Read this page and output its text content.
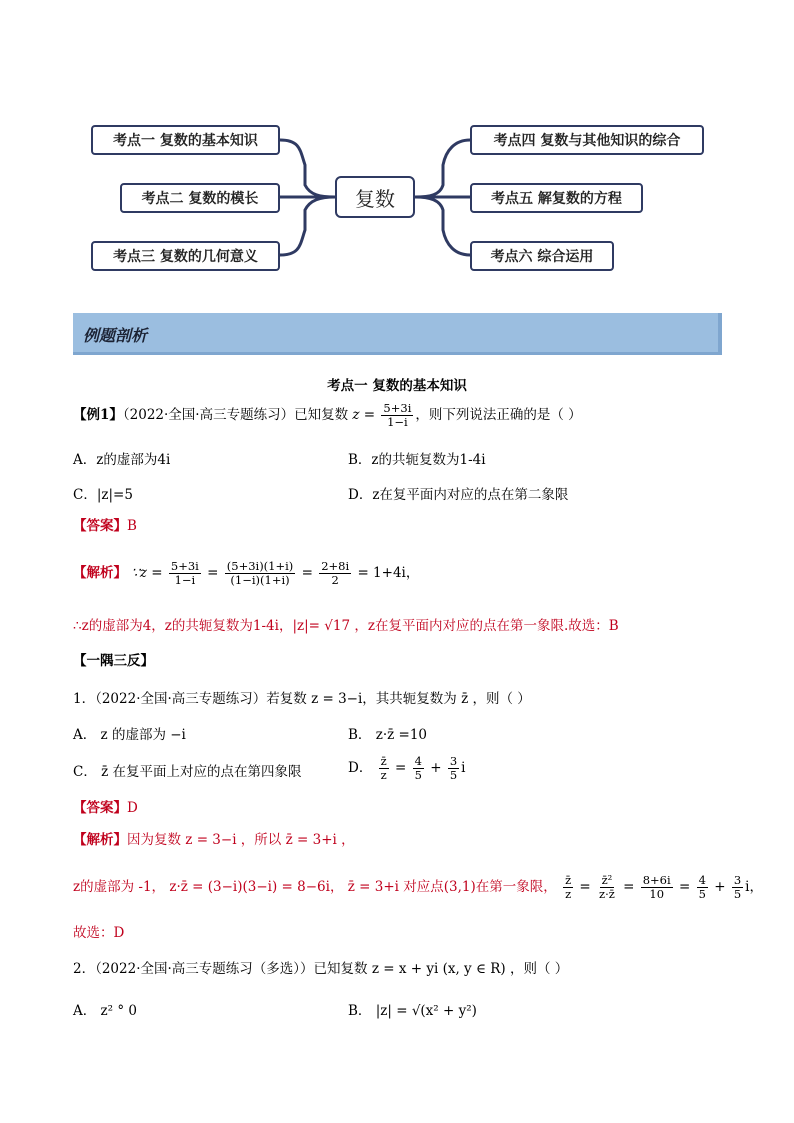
考点一 复数的基本知识
考点二 复数的模长
考点三 复数的几何意义
复数
考点四 复数与其他知识的综合
考点五 解复数的方程
考点六 综合运用
例题剖析
考点一 复数的基本知识
【例1】（2022·全国·高三专题练习）已知复数 $z = \frac{5+3i}{1-i}$ ，则下列说法正确的是（ ）
A．z的虚部为4i	B．z的共轭复数为1-4i
C．|z|=5	D．z在复平面内对应的点在第二象限
【答案】B
【解析】 ∵z = $\frac{5+3i}{1-i} = \frac{(5+3i)(1+i)}{(1-i)(1+i)} = \frac{2+8i}{2} = 1+4i$，
∴z的虚部为4，z的共轭复数为1-4i，|z|= √17 ，z在复平面内对应的点在第一象限.故选：B
【一隅三反】
1．（2022·全国·高三专题练习）若复数 z = 3−i，其共轭复数为 z̄ ，则（ ）
A． z 的虚部为 −i	B． z·z̄ =10
C． z̄ 在复平面上对应的点在第四象限	D． $\frac{z̄}{z} = \frac{4}{5} + \frac{3}{5}$ i
【答案】D
【解析】因为复数 z = 3−i ，所以 z̄ = 3+i ，
z的虚部为 -1， z·z̄ = (3−i)(3−i) = 8−6i， z̄ = 3+i 对应点(3,1)在第一象限， $\frac{z̄}{z} = \frac{\text{z̄²}}{z\cdot z̄} = \frac{8+6i}{10} = \frac{4}{5} + \frac{3}{5}$ i，
故选：D
2．（2022·全国·高三专题练习（多选））已知复数 z = x + yi (x, y ∈ R) ，则（ ）
A． z² ° 0	B． |z| = √(x² + y²)
